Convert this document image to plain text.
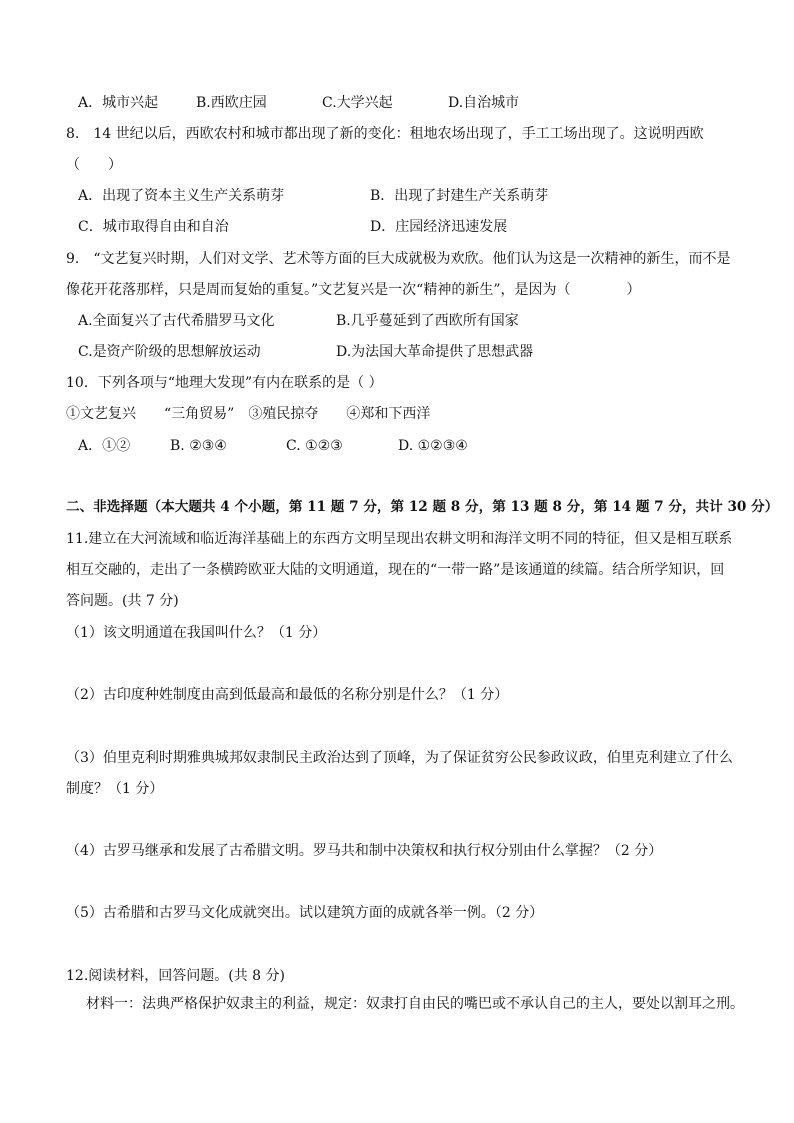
A．城市兴起	B.西欧庄园	C.大学兴起	D.自治城市
8.　14 世纪以后，西欧农村和城市都出现了新的变化：租地农场出现了，手工工场出现了。这说明西欧
（　　）
A．出现了资本主义生产关系萌芽	B．出现了封建生产关系萌芽
C．城市取得自由和自治	D．庄园经济迅速发展
9.　“文艺复兴时期，人们对文学、艺术等方面的巨大成就极为欢欣。他们认为这是一次精神的新生，而不是
像花开花落那样，只是周而复始的重复。”文艺复兴是一次“精神的新生”，是因为（　　　　）
A.全面复兴了古代希腊罗马文化	B.几乎蔓延到了西欧所有国家
C.是资产阶级的思想解放运动	D.为法国大革命提供了思想武器
10．下列各项与“地理大发现”有内在联系的是（ ）
①文艺复兴　　“三角贸易”　③殖民掠夺　　④郑和下西洋
A．①②	B. ②③④	C. ①②③	D. ①②③④
二、非选择题（本大题共 4 个小题，第 11 题 7 分，第 12 题 8 分，第 13 题 8 分，第 14 题 7 分，共计 30 分）
11.建立在大河流域和临近海洋基础上的东西方文明呈现出农耕文明和海洋文明不同的特征，但又是相互联系
相互交融的，走出了一条横跨欧亚大陆的文明通道，现在的“一带一路”是该通道的续篇。结合所学知识，回
答问题。(共 7 分)
（1）该文明通道在我国叫什么？（1 分）
（2）古印度种姓制度由高到低最高和最低的名称分别是什么？（1 分）
（3）伯里克利时期雅典城邦奴隶制民主政治达到了顶峰，为了保证贫穷公民参政议政，伯里克利建立了什么
制度？（1 分）
（4）古罗马继承和发展了古希腊文明。罗马共和制中决策权和执行权分别由什么掌握？（2 分）
（5）古希腊和古罗马文化成就突出。试以建筑方面的成就各举一例。（2 分）
12.阅读材料，回答问题。(共 8 分)
材料一：法典严格保护奴隶主的利益，规定：奴隶打自由民的嘴巴或不承认自己的主人，要处以割耳之刑。
